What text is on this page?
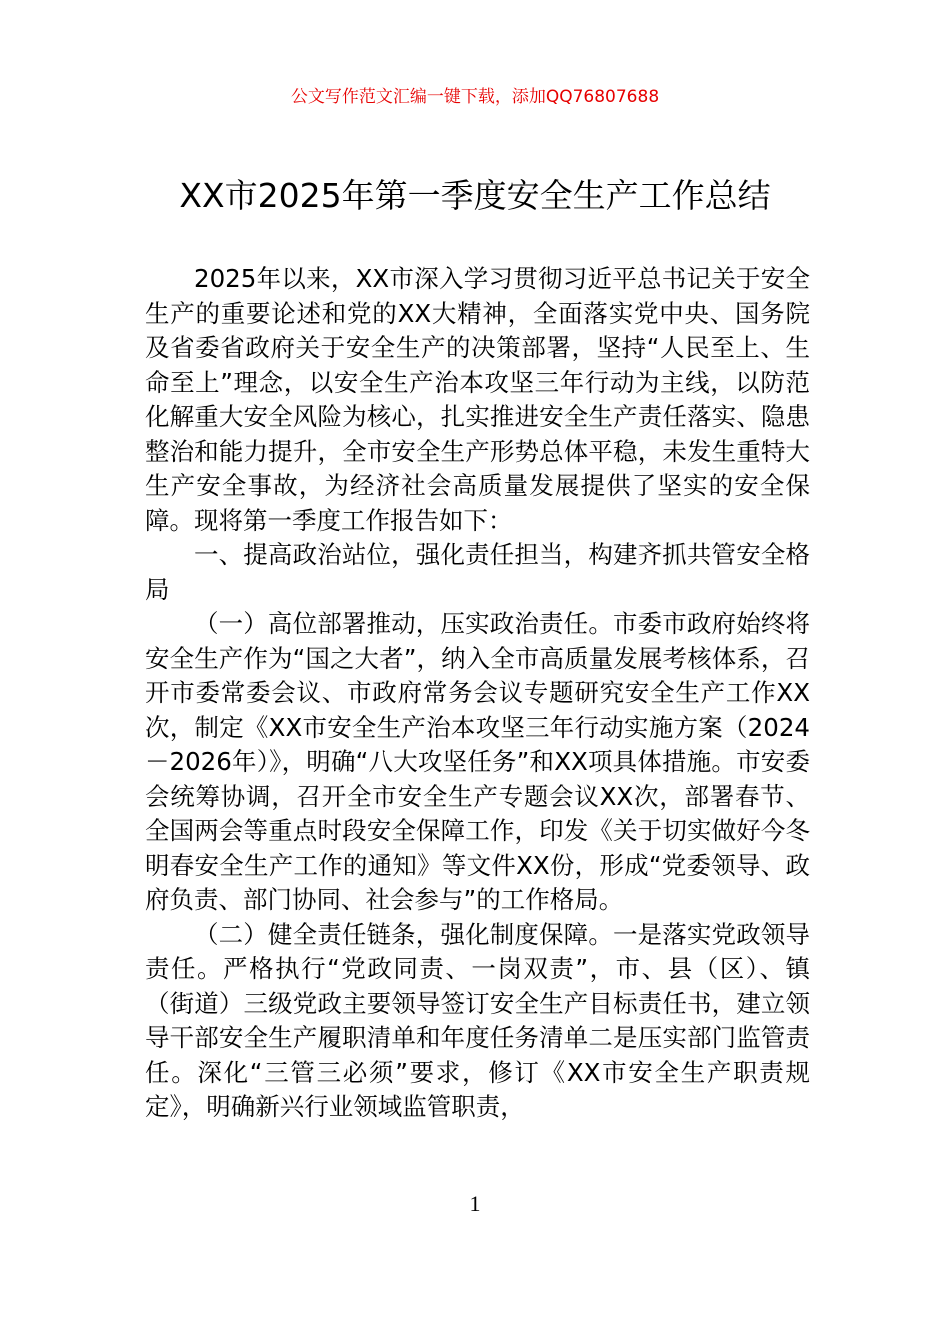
公文写作范文汇编一键下载，添加QQ76807688
XX市2025年第一季度安全生产工作总结

2025年以来，XX市深入学习贯彻习近平总书记关于安全生产的重要论述和党的XX大精神，全面落实党中央、国务院及省委省政府关于安全生产的决策部署，坚持“人民至上、生命至上”理念，以安全生产治本攻坚三年行动为主线，以防范化解重大安全风险为核心，扎实推进安全生产责任落实、隐患整治和能力提升，全市安全生产形势总体平稳，未发生重特大生产安全事故，为经济社会高质量发展提供了坚实的安全保障。现将第一季度工作报告如下：

一、提高政治站位，强化责任担当，构建齐抓共管安全格局

（一）高位部署推动，压实政治责任。市委市政府始终将安全生产作为“国之大者”，纳入全市高质量发展考核体系，召开市委常委会议、市政府常务会议专题研究安全生产工作XX次，制定《XX市安全生产治本攻坚三年行动实施方案（2024－2026年）》，明确“八大攻坚任务”和XX项具体措施。市安委会统筹协调，召开全市安全生产专题会议XX次，部署春节、全国两会等重点时段安全保障工作，印发《关于切实做好今冬明春安全生产工作的通知》等文件XX份，形成“党委领导、政府负责、部门协同、社会参与”的工作格局。

（二）健全责任链条，强化制度保障。一是落实党政领导责任。严格执行“党政同责、一岗双责”，市、县（区）、镇（街道）三级党政主要领导签订安全生产目标责任书，建立领导干部安全生产履职清单和年度任务清单二是压实部门监管责任。深化“三管三必须”要求，修订《XX市安全生产职责规定》，明确新兴行业领域监管职责，

1
